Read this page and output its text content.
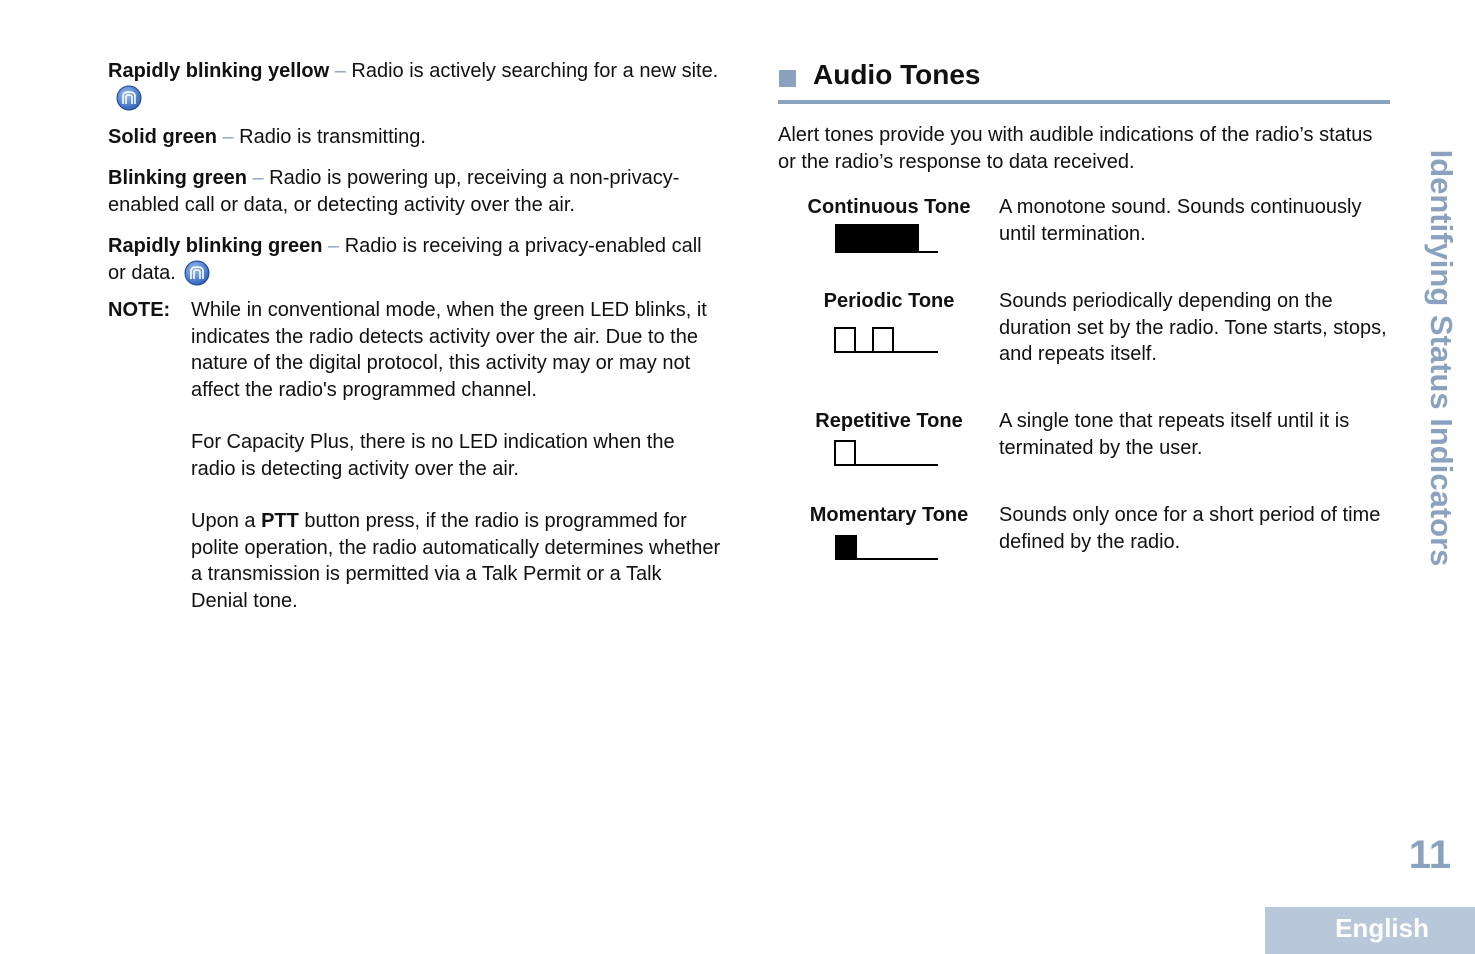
Rapidly blinking yellow – Radio is actively searching for a new site.

Solid green – Radio is transmitting.

Blinking green – Radio is powering up, receiving a non-privacy-enabled call or data, or detecting activity over the air.

Rapidly blinking green – Radio is receiving a privacy-enabled call or data.

NOTE: While in conventional mode, when the green LED blinks, it indicates the radio detects activity over the air. Due to the nature of the digital protocol, this activity may or may not affect the radio's programmed channel.

For Capacity Plus, there is no LED indication when the radio is detecting activity over the air.

Upon a PTT button press, if the radio is programmed for polite operation, the radio automatically determines whether a transmission is permitted via a Talk Permit or a Talk Denial tone.

Audio Tones

Alert tones provide you with audible indications of the radio’s status or the radio’s response to data received.

Continuous Tone	A monotone sound. Sounds continuously until termination.
Periodic Tone	Sounds periodically depending on the duration set by the radio. Tone starts, stops, and repeats itself.
Repetitive Tone	A single tone that repeats itself until it is terminated by the user.
Momentary Tone	Sounds only once for a short period of time defined by the radio.	Identifying Status Indicators
11
English
